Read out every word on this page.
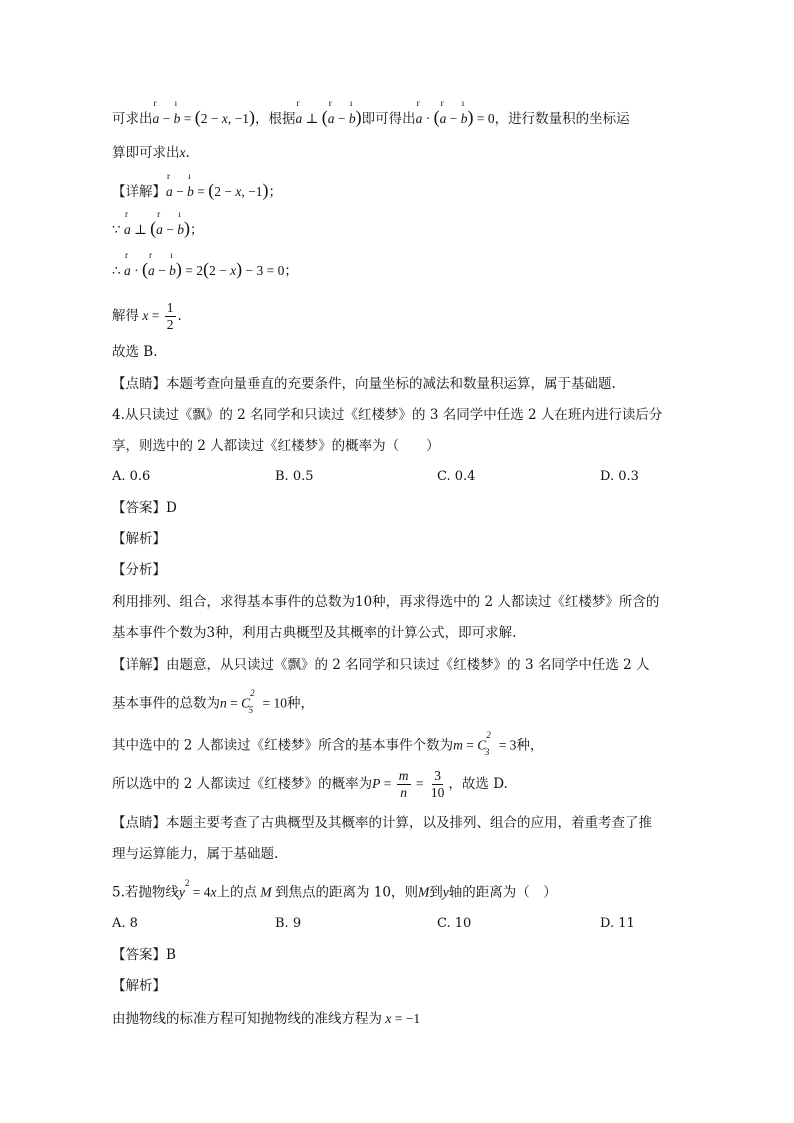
可求出
r
a −
ı
b = (2 − x, −1)，根据
r
a ⊥ (
r
a −
ı
b)即可得出
r
a · (
r
a −
ı
b) = 0，进行数量积的坐标运
算即可求出x.
【详解】
r
a −
ı
b = (2 − x, −1)；
∵
r
a ⊥ (
r
a −
ı
b)；
∴
r
a · (
r
a −
ı
b) = 2(2 − x) − 3 = 0；
解得 $x = \frac{1}{2}$ .
故选 B.
【点睛】本题考查向量垂直的充要条件，向量坐标的减法和数量积运算，属于基础题.
4.从只读过《飘》的 2 名同学和只读过《红楼梦》的 3 名同学中任选 2 人在班内进行读后分
享，则选中的 2 人都读过《红楼梦》的概率为（　　）
A. 0.6	B. 0.5	C. 0.4	D. 0.3
【答案】D
【解析】
【分析】
利用排列、组合，求得基本事件的总数为10种，再求得选中的 2 人都读过《红楼梦》所含的
基本事件个数为3种，利用古典概型及其概率的计算公式，即可求解.
【详解】由题意，从只读过《飘》的 2 名同学和只读过《红楼梦》的 3 名同学中任选 2 人
基本事件的总数为$n = C^2_5 = 10$种，
其中选中的 2 人都读过《红楼梦》所含的基本事件个数为$m = C^2_3 = 3$种，
所以选中的 2 人都读过《红楼梦》的概率为$P = \frac{m}{n} = \frac{3}{10}$ ，故选 D.
【点睛】本题主要考查了古典概型及其概率的计算，以及排列、组合的应用，着重考查了推
理与运算能力，属于基础题.
5.若抛物线$y^2 = 4x$上的点 M 到焦点的距离为 10，则M到y轴的距离为（　）
A. 8	B. 9	C. 10	D. 11
【答案】B
【解析】
由抛物线的标准方程可知抛物线的准线方程为 x = −1
